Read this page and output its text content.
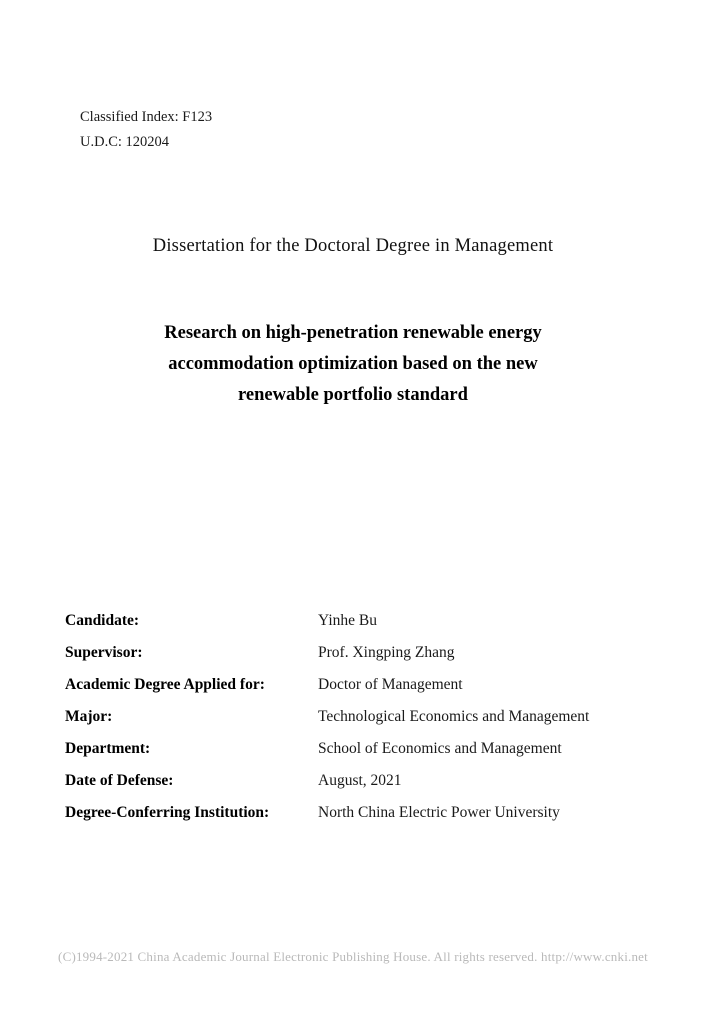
Classified Index: F123
U.D.C: 120204
Dissertation for the Doctoral Degree in Management
Research on high-penetration renewable energy
accommodation optimization based on the new
renewable portfolio standard
Candidate:	Yinhe Bu
Supervisor:	Prof. Xingping Zhang
Academic Degree Applied for:	Doctor of Management
Major:	Technological Economics and Management
Department:	School of Economics and Management
Date of Defense:	August, 2021
Degree-Conferring Institution:	North China Electric Power University
(C)1994-2021 China Academic Journal Electronic Publishing House. All rights reserved. http://www.cnki.net
